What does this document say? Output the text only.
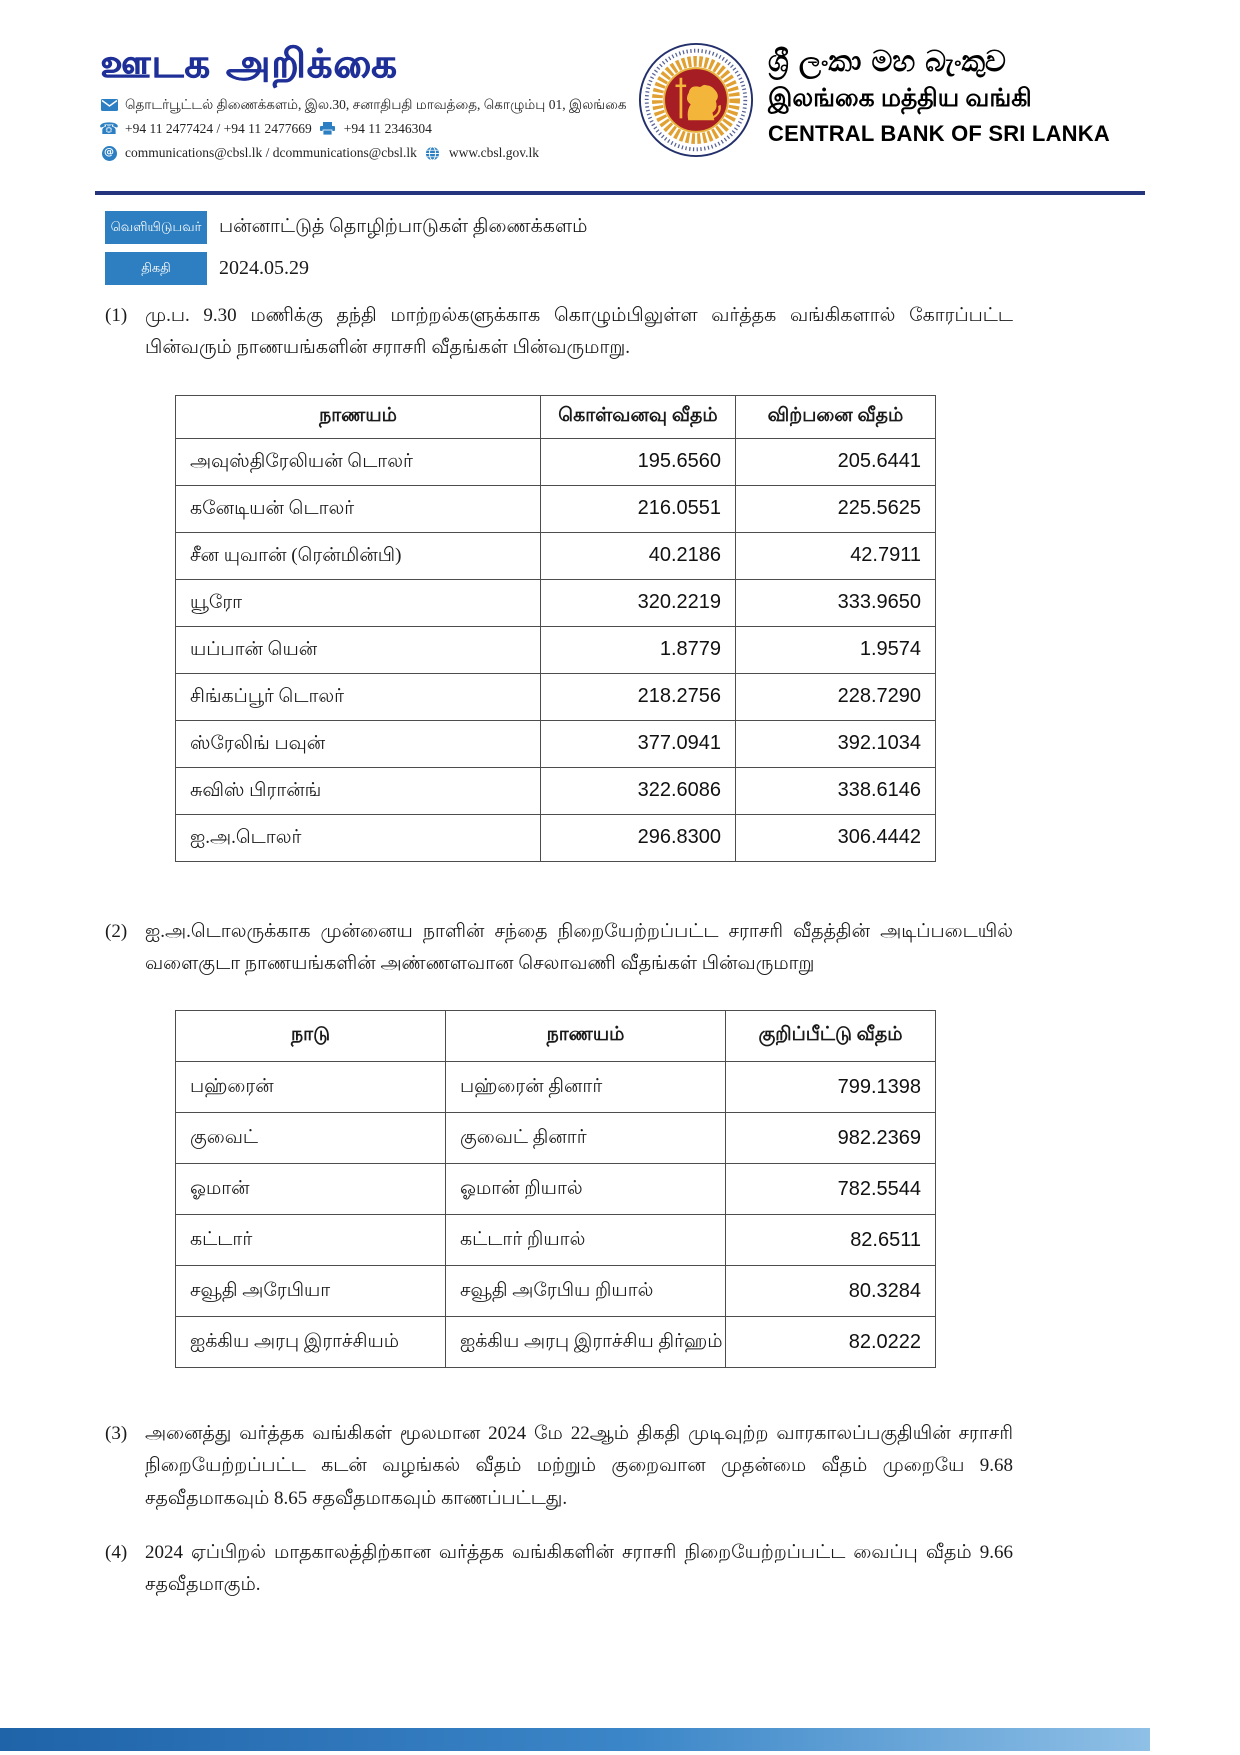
ஊடக அறிக்கை
தொடர்பூட்டல் திணைக்களம், இல.30, சனாதிபதி மாவத்தை, கொழும்பு 01, இலங்கை
☎ +94 11 2477424 / +94 11 2477669 +94 11 2346304
@ communications@cbsl.lk / dcommunications@cbsl.lk www.cbsl.gov.lk
ශ්‍රී ලංකා මහ බැංකුව
இலங்கை மத்திய வங்கி
CENTRAL BANK OF SRI LANKA
வெளியிடுபவர் பன்னாட்டுத் தொழிற்பாடுகள் திணைக்களம்
திகதி	2024.05.29
(1) மு.ப. 9.30 மணிக்கு தந்தி மாற்றல்களுக்காக கொழும்பிலுள்ள வர்த்தக வங்கிகளால் கோரப்பட்ட பின்வரும் நாணயங்களின் சராசரி வீதங்கள் பின்வருமாறு.
நாணயம்	கொள்வனவு வீதம்	விற்பனை வீதம்
அவுஸ்திரேலியன் டொலர்	195.6560	205.6441
கனேடியன் டொலர்	216.0551	225.5625
சீன யுவான் (ரென்மின்பி)	40.2186	42.7911
யூரோ	320.2219	333.9650
யப்பான் யென்	1.8779	1.9574
சிங்கப்பூர் டொலர்	218.2756	228.7290
ஸ்ரேலிங் பவுன்	377.0941	392.1034
சுவிஸ் பிரான்ங்	322.6086	338.6146
ஐ.அ.டொலர்	296.8300	306.4442
(2) ஐ.அ.டொலருக்காக முன்னைய நாளின் சந்தை நிறையேற்றப்பட்ட சராசரி வீதத்தின் அடிப்படையில் வளைகுடா நாணயங்களின் அண்ணளவான செலாவணி வீதங்கள் பின்வருமாறு
நாடு	நாணயம்	குறிப்பீட்டு வீதம்
பஹ்ரைன்	பஹ்ரைன் தினார்	799.1398
குவைட்	குவைட் தினார்	982.2369
ஓமான்	ஓமான் றியால்	782.5544
கட்டார்	கட்டார் றியால்	82.6511
சவூதி அரேபியா	சவூதி அரேபிய றியால்	80.3284
ஐக்கிய அரபு இராச்சியம்	ஐக்கிய அரபு இராச்சிய திர்ஹம்	82.0222
(3) அனைத்து வர்த்தக வங்கிகள் மூலமான 2024 மே 22ஆம் திகதி முடிவுற்ற வாரகாலப்பகுதியின் சராசரி நிறையேற்றப்பட்ட கடன் வழங்கல் வீதம் மற்றும் குறைவான முதன்மை வீதம் முறையே 9.68 சதவீதமாகவும் 8.65 சதவீதமாகவும் காணப்பட்டது.
(4) 2024 ஏப்பிறல் மாதகாலத்திற்கான வர்த்தக வங்கிகளின் சராசரி நிறையேற்றப்பட்ட வைப்பு வீதம் 9.66 சதவீதமாகும்.
